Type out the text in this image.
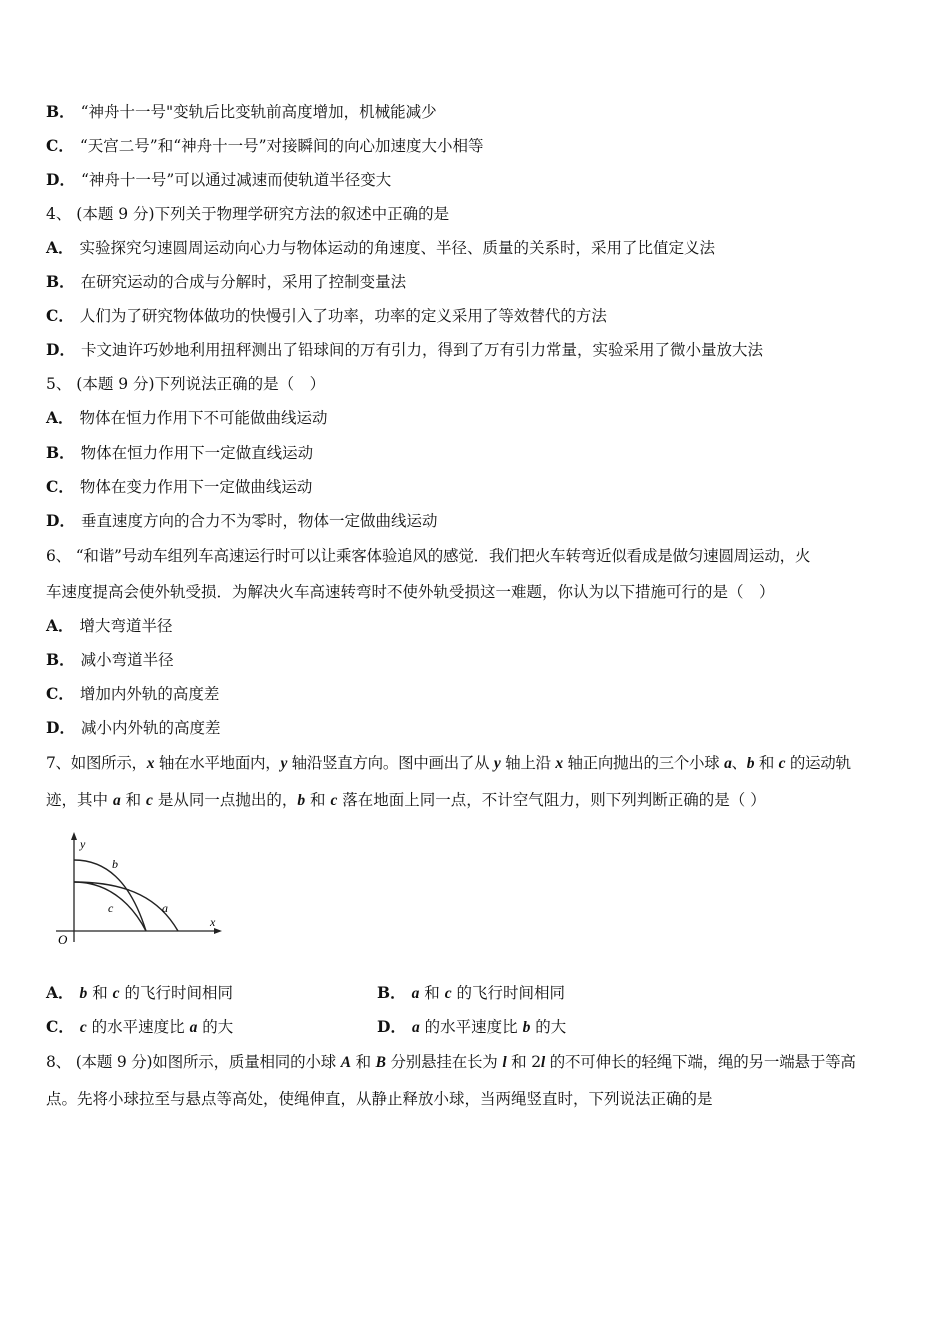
B． “神舟十一号"变轨后比变轨前高度增加，机械能减少
C． “天宫二号”和“神舟十一号”对接瞬间的向心加速度大小相等
D． “神舟十一号”可以通过减速而使轨道半径变大
4、 (本题 9 分)下列关于物理学研究方法的叙述中正确的是
A． 实验探究匀速圆周运动向心力与物体运动的角速度、半径、质量的关系时，采用了比值定义法
B． 在研究运动的合成与分解时，采用了控制变量法
C． 人们为了研究物体做功的快慢引入了功率，功率的定义采用了等效替代的方法
D． 卡文迪许巧妙地利用扭秤测出了铅球间的万有引力，得到了万有引力常量，实验采用了微小量放大法
5、 (本题 9 分)下列说法正确的是（　）
A． 物体在恒力作用下不可能做曲线运动
B． 物体在恒力作用下一定做直线运动
C． 物体在变力作用下一定做曲线运动
D． 垂直速度方向的合力不为零时，物体一定做曲线运动
6、 “和谐”号动车组列车高速运行时可以让乘客体验追风的感觉．我们把火车转弯近似看成是做匀速圆周运动，火
车速度提高会使外轨受损．为解决火车高速转弯时不使外轨受损这一难题，你认为以下措施可行的是（　）
A． 增大弯道半径
B． 减小弯道半径
C． 增加内外轨的高度差
D． 减小内外轨的高度差
7、如图所示，x 轴在水平地面内，y 轴沿竖直方向。图中画出了从 y 轴上沿 x 轴正向抛出的三个小球 a、b 和 c 的运动轨
迹，其中 a 和 c 是从同一点抛出的，b 和 c 落在地面上同一点，不计空气阻力，则下列判断正确的是（ ）
y
x
O
b
c	a
A． b 和 c 的飞行时间相同	B． a 和 c 的飞行时间相同
C． c 的水平速度比 a 的大	D． a 的水平速度比 b 的大
8、 (本题 9 分)如图所示，质量相同的小球 A 和 B 分别悬挂在长为 l 和 2l 的不可伸长的轻绳下端，绳的另一端悬于等高
点。先将小球拉至与悬点等高处，使绳伸直，从静止释放小球，当两绳竖直时，下列说法正确的是
